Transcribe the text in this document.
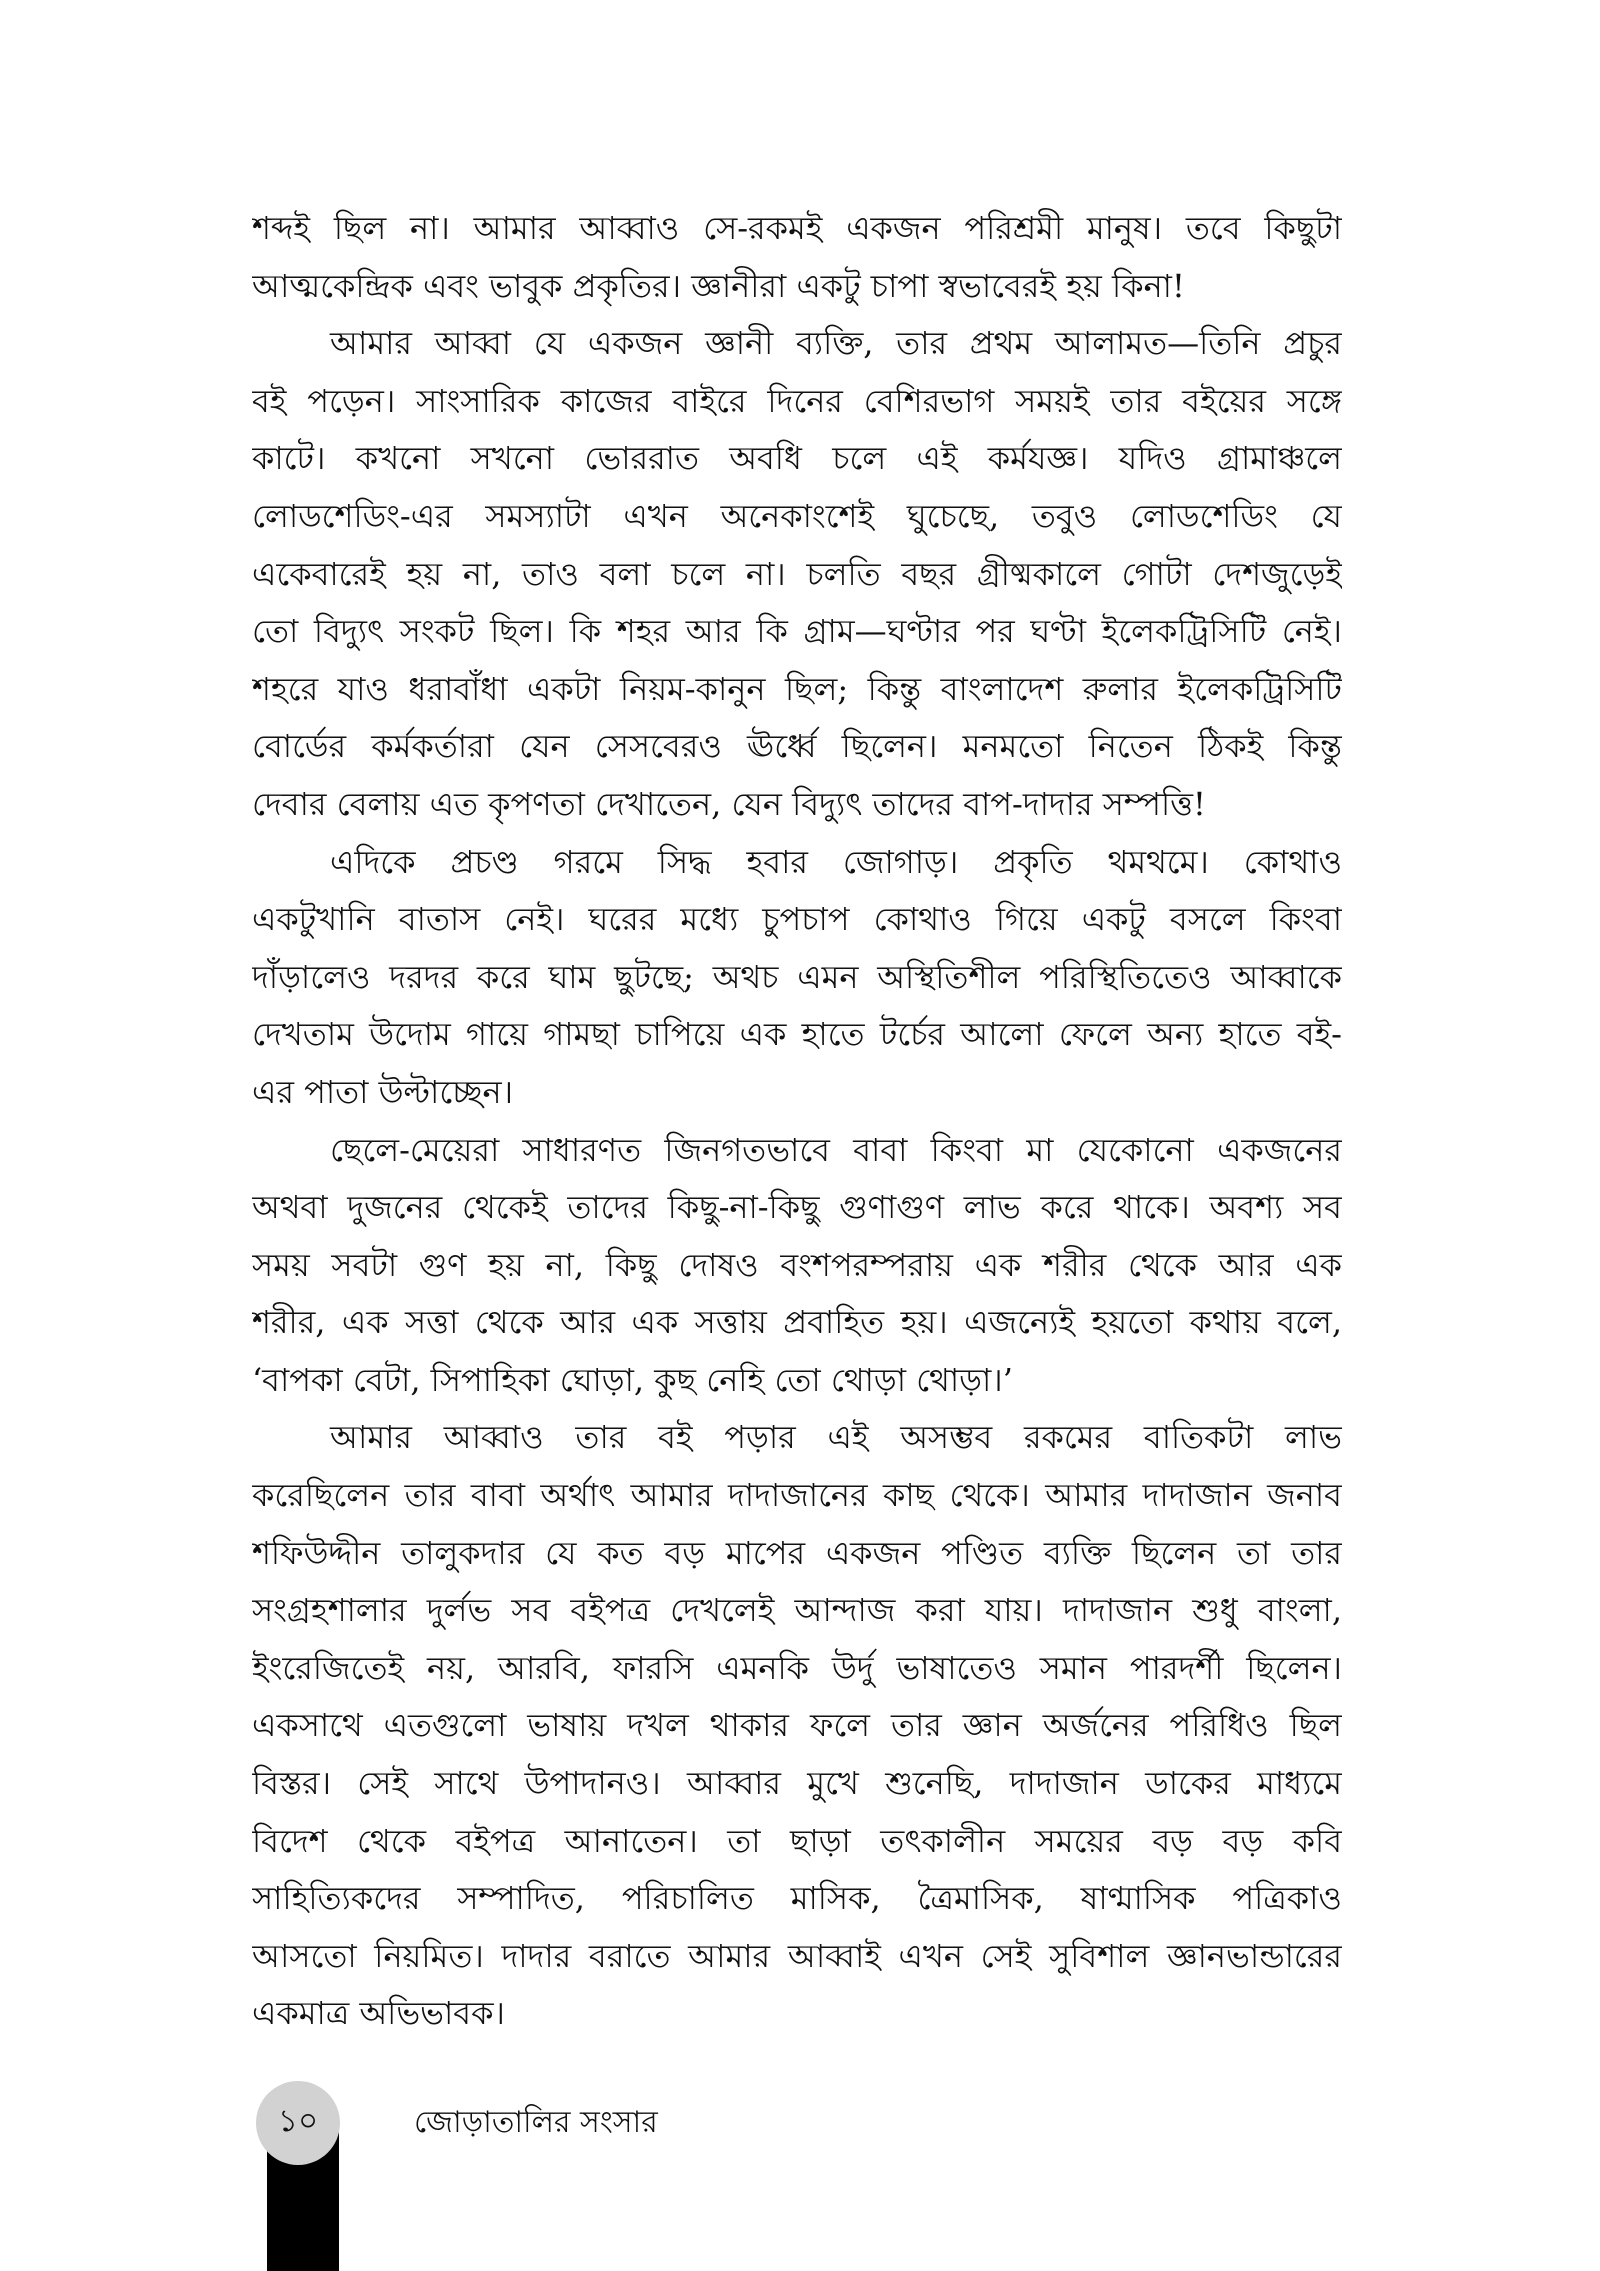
শব্দই ছিল না। আমার আব্বাও সে-রকমই একজন পরিশ্রমী মানুষ। তবে কিছুটা
আত্মকেন্দ্রিক এবং ভাবুক প্রকৃতির। জ্ঞানীরা একটু চাপা স্বভাবেরই হয় কিনা!
আমার আব্বা যে একজন জ্ঞানী ব্যক্তি, তার প্রথম আলামত—তিনি প্রচুর
বই পড়েন। সাংসারিক কাজের বাইরে দিনের বেশিরভাগ সময়ই তার বইয়ের সঙ্গে
কাটে। কখনো সখনো ভোররাত অবধি চলে এই কর্মযজ্ঞ। যদিও গ্রামাঞ্চলে
লোডশেডিং-এর সমস্যাটা এখন অনেকাংশেই ঘুচেছে, তবুও লোডশেডিং যে
একেবারেই হয় না, তাও বলা চলে না। চলতি বছর গ্রীষ্মকালে গোটা দেশজুড়েই
তো বিদ্যুৎ সংকট ছিল। কি শহর আর কি গ্রাম—ঘণ্টার পর ঘণ্টা ইলেকট্রিসিটি নেই।
শহরে যাও ধরাবাঁধা একটা নিয়ম-কানুন ছিল; কিন্তু বাংলাদেশ রুলার ইলেকট্রিসিটি
বোর্ডের কর্মকর্তারা যেন সেসবেরও ঊর্ধ্বে ছিলেন। মনমতো নিতেন ঠিকই কিন্তু
দেবার বেলায় এত কৃপণতা দেখাতেন, যেন বিদ্যুৎ তাদের বাপ-দাদার সম্পত্তি!
এদিকে প্রচণ্ড গরমে সিদ্ধ হবার জোগাড়। প্রকৃতি থমথমে। কোথাও
একটুখানি বাতাস নেই। ঘরের মধ্যে চুপচাপ কোথাও গিয়ে একটু বসলে কিংবা
দাঁড়ালেও দরদর করে ঘাম ছুটছে; অথচ এমন অস্থিতিশীল পরিস্থিতিতেও আব্বাকে
দেখতাম উদোম গায়ে গামছা চাপিয়ে এক হাতে টর্চের আলো ফেলে অন্য হাতে বই-
এর পাতা উল্টাচ্ছেন।
ছেলে-মেয়েরা সাধারণত জিনগতভাবে বাবা কিংবা মা যেকোনো একজনের
অথবা দুজনের থেকেই তাদের কিছু-না-কিছু গুণাগুণ লাভ করে থাকে। অবশ্য সব
সময় সবটা গুণ হয় না, কিছু দোষও বংশপরম্পরায় এক শরীর থেকে আর এক
শরীর, এক সত্তা থেকে আর এক সত্তায় প্রবাহিত হয়। এজন্যেই হয়তো কথায় বলে,
‘বাপকা বেটা, সিপাহিকা ঘোড়া, কুছ নেহি তো থোড়া থোড়া।’
আমার আব্বাও তার বই পড়ার এই অসম্ভব রকমের বাতিকটা লাভ
করেছিলেন তার বাবা অর্থাৎ আমার দাদাজানের কাছ থেকে। আমার দাদাজান জনাব
শফিউদ্দীন তালুকদার যে কত বড় মাপের একজন পণ্ডিত ব্যক্তি ছিলেন তা তার
সংগ্রহশালার দুর্লভ সব বইপত্র দেখলেই আন্দাজ করা যায়। দাদাজান শুধু বাংলা,
ইংরেজিতেই নয়, আরবি, ফারসি এমনকি উর্দু ভাষাতেও সমান পারদর্শী ছিলেন।
একসাথে এতগুলো ভাষায় দখল থাকার ফলে তার জ্ঞান অর্জনের পরিধিও ছিল
বিস্তর। সেই সাথে উপাদানও। আব্বার মুখে শুনেছি, দাদাজান ডাকের মাধ্যমে
বিদেশ থেকে বইপত্র আনাতেন। তা ছাড়া তৎকালীন সময়ের বড় বড় কবি
সাহিত্যিকদের সম্পাদিত, পরিচালিত মাসিক, ত্রৈমাসিক, ষাণ্মাসিক পত্রিকাও
আসতো নিয়মিত। দাদার বরাতে আমার আব্বাই এখন সেই সুবিশাল জ্ঞানভান্ডারের
একমাত্র অভিভাবক।
১০	জোড়াতালির সংসার
